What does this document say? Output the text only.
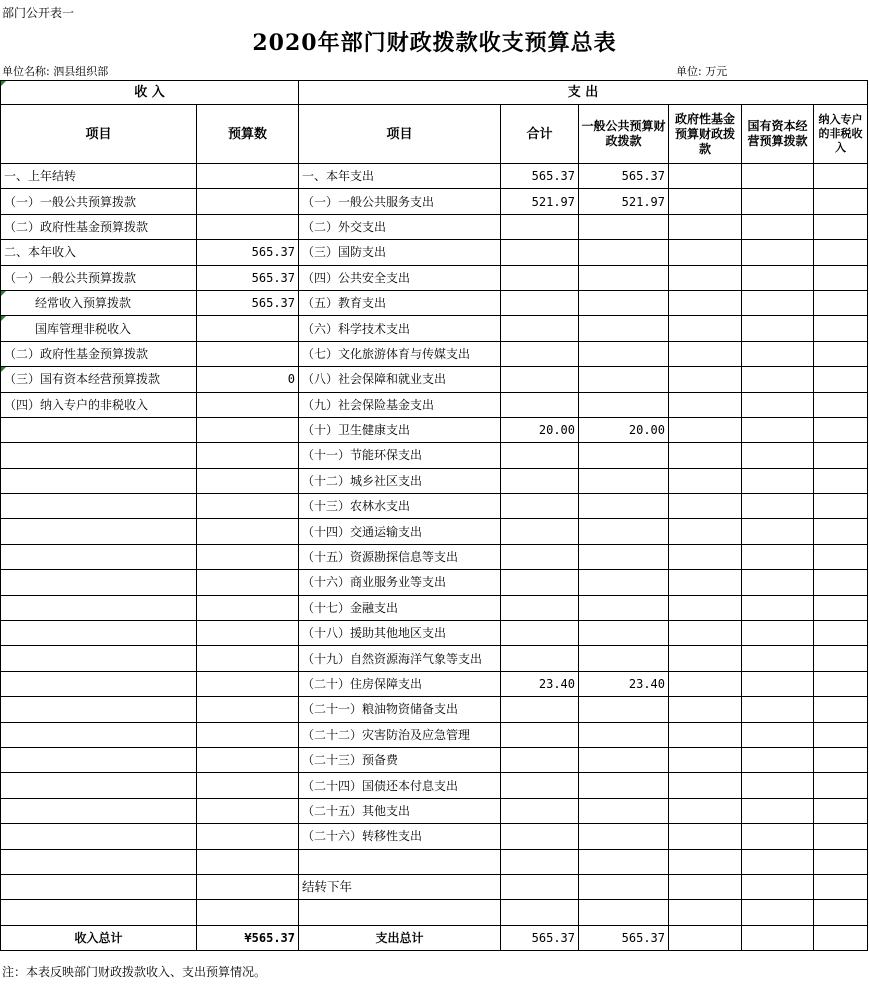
部门公开表一
2020年部门财政拨款收支预算总表
单位名称: 泗县组织部	单位: 万元
收 入		支 出					
项目	预算数	项目	合计	一般公共预算财政拨款	政府性基金预算财政拨款	国有资本经营预算拨款	纳入专户的非税收入
一、上年结转		一、本年支出	565.37	565.37			
（一）一般公共预算拨款		（一）一般公共服务支出	521.97	521.97			
（二）政府性基金预算拨款		（二）外交支出					
二、本年收入	565.37	（三）国防支出					
（一）一般公共预算拨款	565.37	（四）公共安全支出					
经常收入预算拨款	565.37	（五）教育支出					
国库管理非税收入		（六）科学技术支出					
（二）政府性基金预算拨款		（七）文化旅游体育与传媒支出					
（三）国有资本经营预算拨款	0	（八）社会保障和就业支出					
（四）纳入专户的非税收入		（九）社会保险基金支出					
		（十）卫生健康支出	20.00	20.00			
		（十一）节能环保支出					
		（十二）城乡社区支出					
		（十三）农林水支出					
		（十四）交通运输支出					
		（十五）资源勘探信息等支出					
		（十六）商业服务业等支出					
		（十七）金融支出					
		（十八）援助其他地区支出					
		（十九）自然资源海洋气象等支出					
		（二十）住房保障支出	23.40	23.40			
		（二十一）粮油物资储备支出					
		（二十二）灾害防治及应急管理					
		（二十三）预备费					
		（二十四）国债还本付息支出					
		（二十五）其他支出					
		（二十六）转移性支出					

		结转下年					

收入总计	¥565.37	支出总计	565.37	565.37			
注：本表反映部门财政拨款收入、支出预算情况。
